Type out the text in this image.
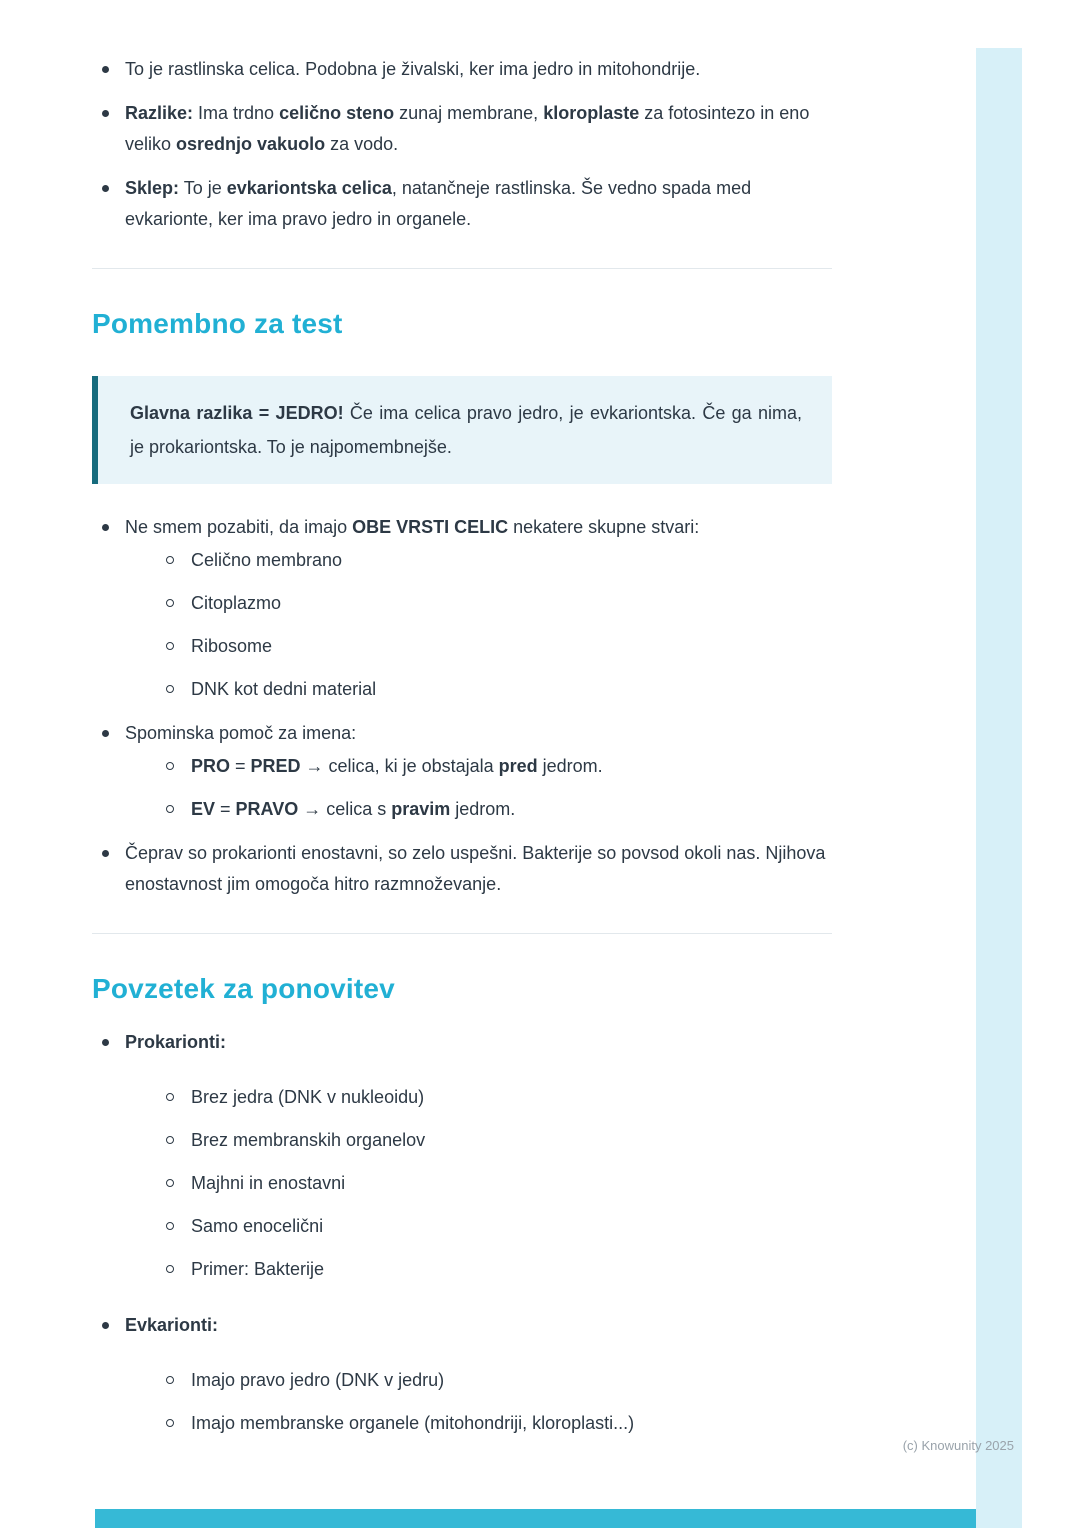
To je rastlinska celica. Podobna je živalski, ker ima jedro in mitohondrije.
Razlike: Ima trdno celično steno zunaj membrane, kloroplaste za fotosintezo in eno veliko osrednjo vakuolo za vodo.
Sklep: To je evkariontska celica, natančneje rastlinska. Še vedno spada med evkarionte, ker ima pravo jedro in organele.
Pomembno za test

Glavna razlika = JEDRO! Če ima celica pravo jedro, je evkariontska. Če ga nima, je prokariontska. To je najpomembnejše.

Ne smem pozabiti, da imajo OBE VRSTI CELIC nekatere skupne stvari:
Celično membrano
Citoplazmo
Ribosome
DNK kot dedni material
Spominska pomoč za imena:
PRO = PRED → celica, ki je obstajala pred jedrom.
EV = PRAVO → celica s pravim jedrom.
Čeprav so prokarionti enostavni, so zelo uspešni. Bakterije so povsod okoli nas. Njihova enostavnost jim omogoča hitro razmnoževanje.
Povzetek za ponovitev
Prokarionti:
Brez jedra (DNK v nukleoidu)
Brez membranskih organelov
Majhni in enostavni
Samo enocelični
Primer: Bakterije
Evkarionti:
Imajo pravo jedro (DNK v jedru)
Imajo membranske organele (mitohondriji, kloroplasti...)
(c) Knowunity 2025
